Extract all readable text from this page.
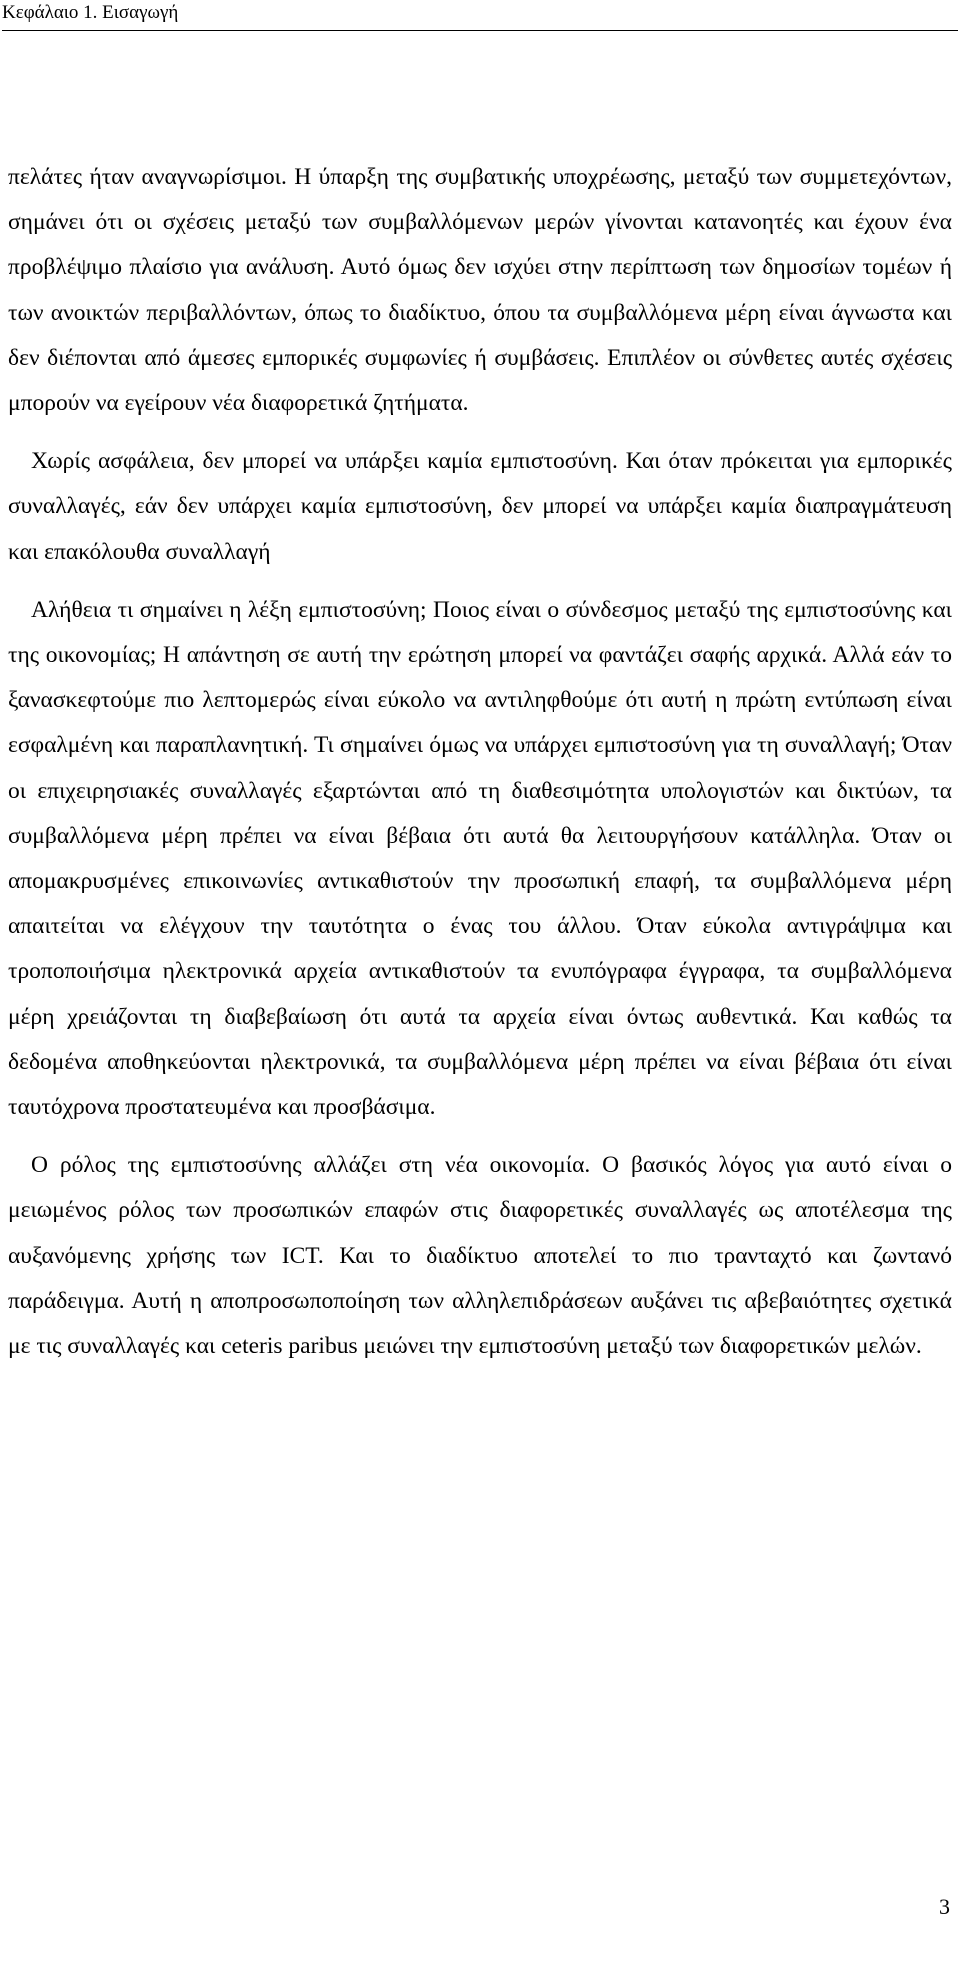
Κεφάλαιο 1. Εισαγωγή

πελάτες ήταν αναγνωρίσιμοι. Η ύπαρξη της συμβατικής υποχρέωσης, μεταξύ των συμμετεχόντων, σημάνει ότι οι σχέσεις μεταξύ των συμβαλλόμενων μερών γίνονται κατανοητές και έχουν ένα προβλέψιμο πλαίσιο για ανάλυση. Αυτό όμως δεν ισχύει στην περίπτωση των δημοσίων τομέων ή των ανοικτών περιβαλλόντων, όπως το διαδίκτυο, όπου τα συμβαλλόμενα μέρη είναι άγνωστα και δεν διέπονται από άμεσες εμπορικές συμφωνίες ή συμβάσεις. Επιπλέον οι σύνθετες αυτές σχέσεις μπορούν να εγείρουν νέα διαφορετικά ζητήματα.

Χωρίς ασφάλεια, δεν μπορεί να υπάρξει καμία εμπιστοσύνη. Και όταν πρόκειται για εμπορικές συναλλαγές, εάν δεν υπάρχει καμία εμπιστοσύνη, δεν μπορεί να υπάρξει καμία διαπραγμάτευση και επακόλουθα συναλλαγή

Αλήθεια τι σημαίνει η λέξη εμπιστοσύνη; Ποιος είναι ο σύνδεσμος μεταξύ της εμπιστοσύνης και της οικονομίας; Η απάντηση σε αυτή την ερώτηση μπορεί να φαντάζει σαφής αρχικά. Αλλά εάν το ξανασκεφτούμε πιο λεπτομερώς είναι εύκολο να αντιληφθούμε ότι αυτή η πρώτη εντύπωση είναι εσφαλμένη και παραπλανητική. Τι σημαίνει όμως να υπάρχει εμπιστοσύνη για τη συναλλαγή; Όταν οι επιχειρησιακές συναλλαγές εξαρτώνται από τη διαθεσιμότητα υπολογιστών και δικτύων, τα συμβαλλόμενα μέρη πρέπει να είναι βέβαια ότι αυτά θα λειτουργήσουν κατάλληλα. Όταν οι απομακρυσμένες επικοινωνίες αντικαθιστούν την προσωπική επαφή, τα συμβαλλόμενα μέρη απαιτείται να ελέγχουν την ταυτότητα ο ένας του άλλου. Όταν εύκολα αντιγράψιμα και τροποποιήσιμα ηλεκτρονικά αρχεία αντικαθιστούν τα ενυπόγραφα έγγραφα, τα συμβαλλόμενα μέρη χρειάζονται τη διαβεβαίωση ότι αυτά τα αρχεία είναι όντως αυθεντικά. Και καθώς τα δεδομένα αποθηκεύονται ηλεκτρονικά, τα συμβαλλόμενα μέρη πρέπει να είναι βέβαια ότι είναι ταυτόχρονα προστατευμένα και προσβάσιμα.

Ο ρόλος της εμπιστοσύνης αλλάζει στη νέα οικονομία. Ο βασικός λόγος για αυτό είναι ο μειωμένος ρόλος των προσωπικών επαφών στις διαφορετικές συναλλαγές ως αποτέλεσμα της αυξανόμενης χρήσης των ICT. Και το διαδίκτυο αποτελεί το πιο τρανταχτό και ζωντανό παράδειγμα. Αυτή η αποπροσωποποίηση των αλληλεπιδράσεων αυξάνει τις αβεβαιότητες σχετικά με τις συναλλαγές και ceteris paribus μειώνει την εμπιστοσύνη μεταξύ των διαφορετικών μελών.

3
